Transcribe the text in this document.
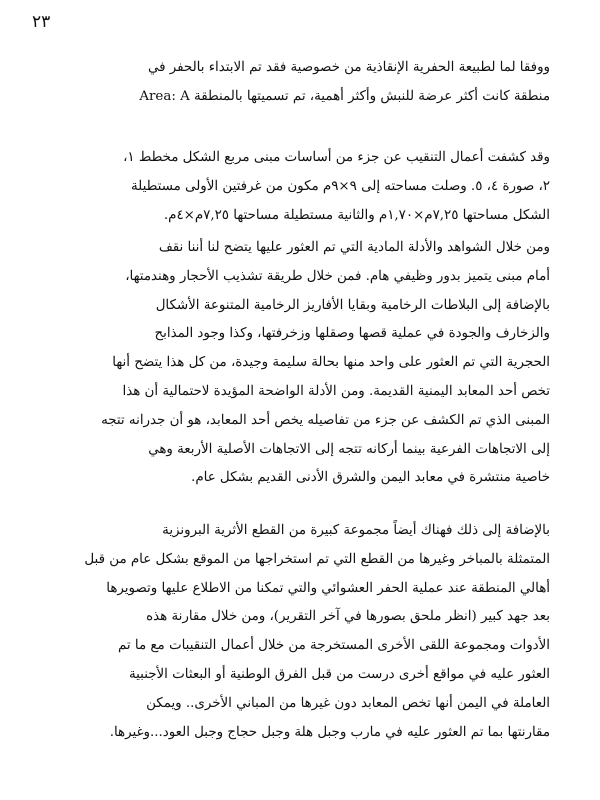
٢٣
ووفقا لما لطبيعة الحفرية الإنقاذية من خصوصية فقد تم الابتداء بالحفر في
منطقة كانت أكثر عرضة للنبش وأكثر أهمية، تم تسميتها بالمنطقة Area: A
وقد كشفت أعمال التنقيب عن جزء من أساسات مبنى مربع الشكل مخطط ١،
٢، صورة ٤، ٥. وصلت مساحته إلى ٩×٩م مكون من غرفتين الأولى مستطيلة
الشكل مساحتها ٧,٢٥م×١,٧٠م والثانية مستطيلة مساحتها ٧,٢٥م×٤م.
ومن خلال الشواهد والأدلة المادية التي تم العثور عليها يتضح لنا أننا نقف
أمام مبنى يتميز بدور وظيفي هام. فمن خلال طريقة تشذيب الأحجار وهندمتها،
بالإضافة إلى البلاطات الرخامية وبقايا الأفاريز الرخامية المتنوعة الأشكال
والزخارف والجودة في عملية قصها وصقلها وزخرفتها، وكذا وجود المذابح
الحجرية التي تم العثور على واحد منها بحالة سليمة وجيدة، من كل هذا يتضح أنها
تخص أحد المعابد اليمنية القديمة. ومن الأدلة الواضحة المؤيدة لاحتمالية أن هذا
المبنى الذي تم الكشف عن جزء من تفاصيله يخص أحد المعابد، هو أن جدرانه تتجه
إلى الاتجاهات الفرعية بينما أركانه تتجه إلى الاتجاهات الأصلية الأربعة وهي
خاصية منتشرة في معابد اليمن والشرق الأدنى القديم بشكل عام.
بالإضافة إلى ذلك فهناك أيضاً مجموعة كبيرة من القطع الأثرية البرونزية
المتمثلة بالمباخر وغيرها من القطع التي تم استخراجها من الموقع بشكل عام من قبل
أهالي المنطقة عند عملية الحفر العشوائي والتي تمكنا من الاطلاع عليها وتصويرها
بعد جهد كبير (انظر ملحق بصورها في آخر التقرير)، ومن خلال مقارنة هذه
الأدوات ومجموعة اللقى الأخرى المستخرجة من خلال أعمال التنقيبات مع ما تم
العثور عليه في مواقع أخرى درست من قبل الفرق الوطنية أو البعثات الأجنبية
العاملة في اليمن أنها تخص المعابد دون غيرها من المباني الأخرى.. ويمكن
مقارنتها بما تم العثور عليه في مارب وجبل هلة وجبل حجاج وجبل العود...وغيرها.
